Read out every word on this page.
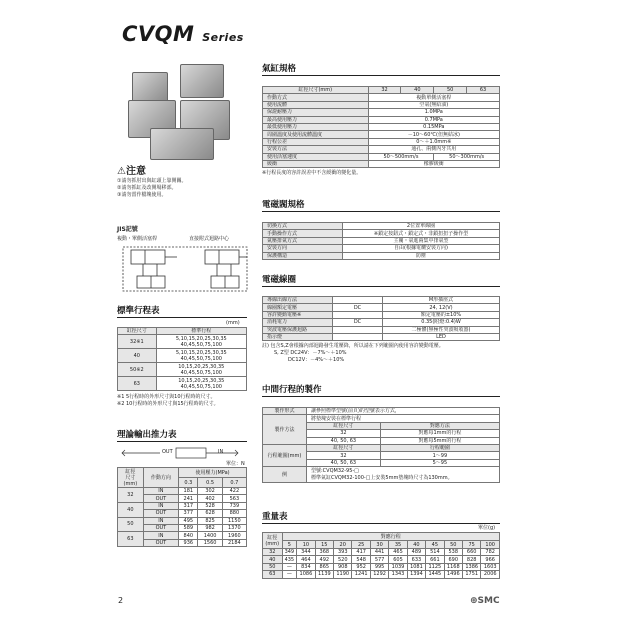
CVQM Series
⚠注意
①請勿抓肘出與缸頭上靠開關。
②請勿抓缸及改開場移部。
③請勿當作檔塊使用。
JIS記號
複動・單側活塞桿	直接附式迴路中心
標準行程表
(mm)
缸徑尺寸	標準行程
32※1	5,10,15,20,25,30,35
40,45,50,75,100
40	5,10,15,20,25,30,35
40,45,50,75,100
50※2	10,15,20,25,30,35
40,45,50,75,100
63	10,15,20,25,30,35
40,45,50,75,100
※1 5行程時的外形尺寸與10行程時的尺寸。
※2 10行程時的外形尺寸與15行程時的尺寸。
理論輸出推力表
OUT	IN
單位：N
缸徑
尺寸
(mm)	作動方向	使用壓力(MPa)		
		0.3	0.5	0.7
32	IN	181	302	422
	OUT	241	402	563
40	IN	317	528	739
	OUT	377	628	880
50	IN	495	825	1150
	OUT	589	982	1370
63	IN	840	1400	1960
	OUT	936	1560	2184
氣缸規格
缸徑尺寸(mm)	32	40	50	63
作動方式	複動單側活塞桿			
使用流體	空氣(無給油)			
保證耐壓力	1.0MPa			
最高使用壓力	0.7MPa			
最低使用壓力	0.15MPa			
周圍溫度及使用流體溫度	－10～60℃(但無結冰)			
行程公差	0～＋1.0mm※			
安裝方法	通孔、兩側內牙共用			
使用活塞速度	50～500mm/s		50～300mm/s	
緩衝	橡膠緩衝			
※行程長度的容許誤差中不含緩衝的變化量。
電磁閥規格
切換方式	2位置單線圈
手動操作方式	※鎖定按鈕式・鎖定式・非鎖扭扭子操作型
氣壓排氣方式	主閥・氣進兩集中排氣型
安裝方向	自由(根據電纜安裝方向)
保護構造	防塵
電磁線圈
導線出線方法		M形插座式
線圈額定電壓	DC	24, 12(V)
容許變動電壓※		額定電壓的±10%
消耗電力	DC	0.35(附燈:0.4)W
突波電壓保護迴路		二極體(無極性突波吸收器)
指示燈		LED
註) 包含S,Z會根據內部迴路發生電壓降，所以請在下列範圍內使用容許變動電壓。
S, Z型 DC24V：－7%～＋10%
DC12V：－4%～＋10%
中間行程的製作
製作形式	讓參照標準型號(前頁)的型號表示方式，	
製作方法	將墊塊安裝在標準行程	
	缸徑尺寸	對應方法
	32	對應每1mm的行程
	40, 50, 63	對應每5mm的行程
行程範圍(mm)	缸徑尺寸	行程範圍
	32	1～99
	40, 50, 63	5～95
例	型號:CVQM32-95-□
標準氣缸CVQM32-100-□上安裝5mm墊塊時尺寸為130mm。	
重量表
單位(g)
缸徑
(mm)	對應行程											
	5	10	15	20	25	30	35	40	45	50	75	100
32	349	344	368	393	417	441	465	489	514	538	660	782
40	435	464	492	520	548	577	605	633	661	690	828	966
50	—	834	865	908	952	995	1039	1081	1125	1168	1386	1603
63	—	1086	1139	1190	1241	1292	1343	1394	1445	1496	1751	2006
2	⊕SMC
